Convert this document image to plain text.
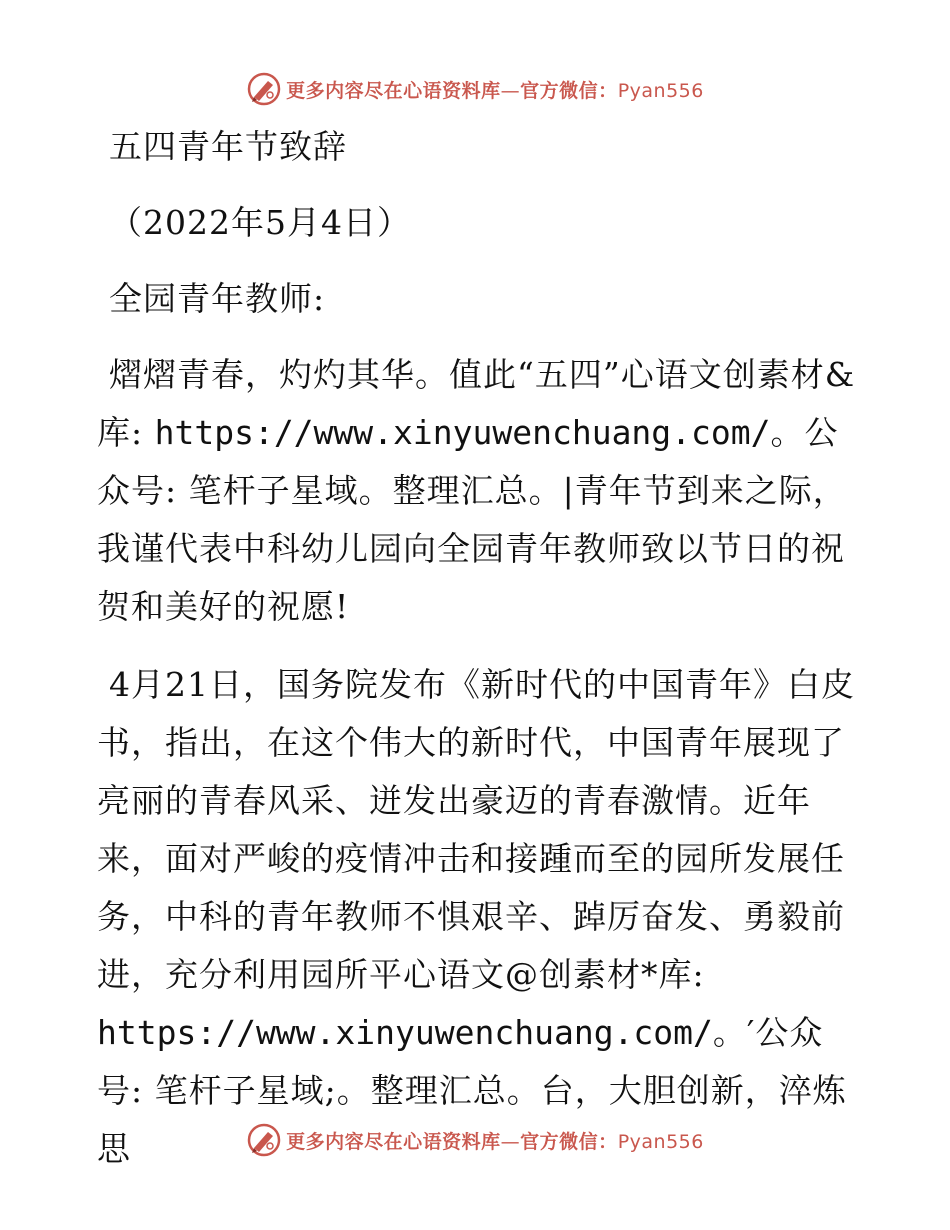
更多内容尽在心语资料库—官方微信：Pyan556

五四青年节致辞

（2022年5月4日）

全园青年教师:

熠熠青春，灼灼其华。值此“五四”心语文创素材&库: https://www.xinyuwenchuang.com/。公众号: 笔杆子星域。整理汇总。|青年节到来之际，我谨代表中科幼儿园向全园青年教师致以节日的祝贺和美好的祝愿!

4月21日，国务院发布《新时代的中国青年》白皮书，指出，在这个伟大的新时代，中国青年展现了亮丽的青春风采、迸发出豪迈的青春激情。近年来，面对严峻的疫情冲击和接踵而至的园所发展任务，中科的青年教师不惧艰辛、踔厉奋发、勇毅前进，充分利用园所平心语文@创素材*库: https://www.xinyuwenchuang.com/。′公众号: 笔杆子星域;。整理汇总。台，大胆创新，淬炼思	更多内容尽在心语资料库—官方微信：Pyan556
